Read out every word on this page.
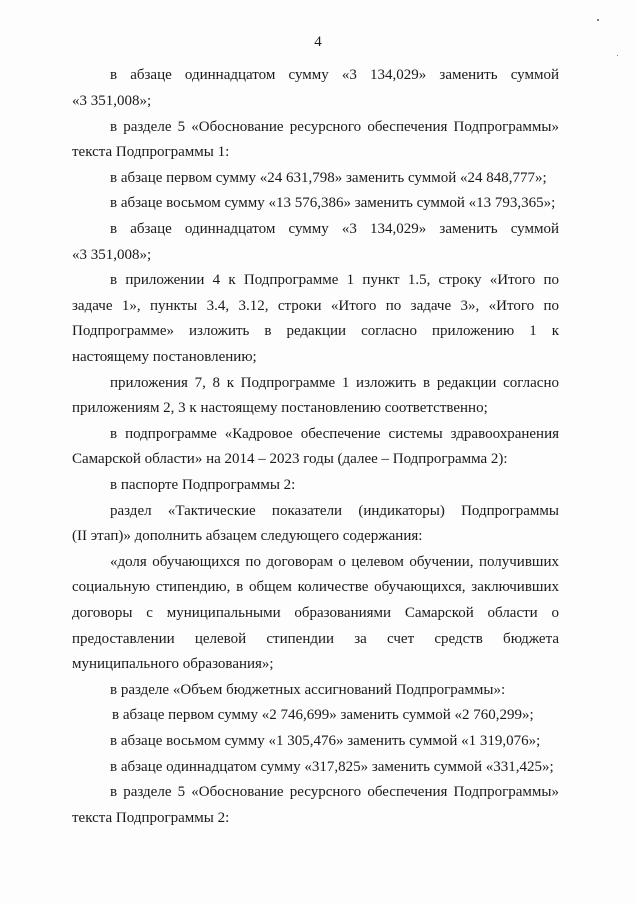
4
в абзаце одиннадцатом сумму «3 134,029» заменить суммой
«3 351,008»;
в разделе 5 «Обоснование ресурсного обеспечения Подпрограммы»
текста Подпрограммы 1:
в абзаце первом сумму «24 631,798» заменить суммой «24 848,777»;
в абзаце восьмом сумму «13 576,386» заменить суммой «13 793,365»;
в абзаце одиннадцатом сумму «3 134,029» заменить суммой
«3 351,008»;
в приложении 4 к Подпрограмме 1 пункт 1.5, строку «Итого по
задаче 1», пункты 3.4, 3.12, строки «Итого по задаче 3», «Итого по
Подпрограмме» изложить в редакции согласно приложению 1 к
настоящему постановлению;
приложения 7, 8 к Подпрограмме 1 изложить в редакции согласно
приложениям 2, 3 к настоящему постановлению соответственно;
в подпрограмме «Кадровое обеспечение системы здравоохранения
Самарской области» на 2014 – 2023 годы (далее – Подпрограмма 2):
в паспорте Подпрограммы 2:
раздел «Тактические показатели (индикаторы) Подпрограммы
(II этап)» дополнить абзацем следующего содержания:
«доля обучающихся по договорам о целевом обучении, получивших
социальную стипендию, в общем количестве обучающихся, заключивших
договоры с муниципальными образованиями Самарской области о
предоставлении целевой стипендии за счет средств бюджета
муниципального образования»;
в разделе «Объем бюджетных ассигнований Подпрограммы»:
в абзаце первом сумму «2 746,699» заменить суммой «2 760,299»;
в абзаце восьмом сумму «1 305,476» заменить суммой «1 319,076»;
в абзаце одиннадцатом сумму «317,825» заменить суммой «331,425»;
в разделе 5 «Обоснование ресурсного обеспечения Подпрограммы»
текста Подпрограммы 2:
